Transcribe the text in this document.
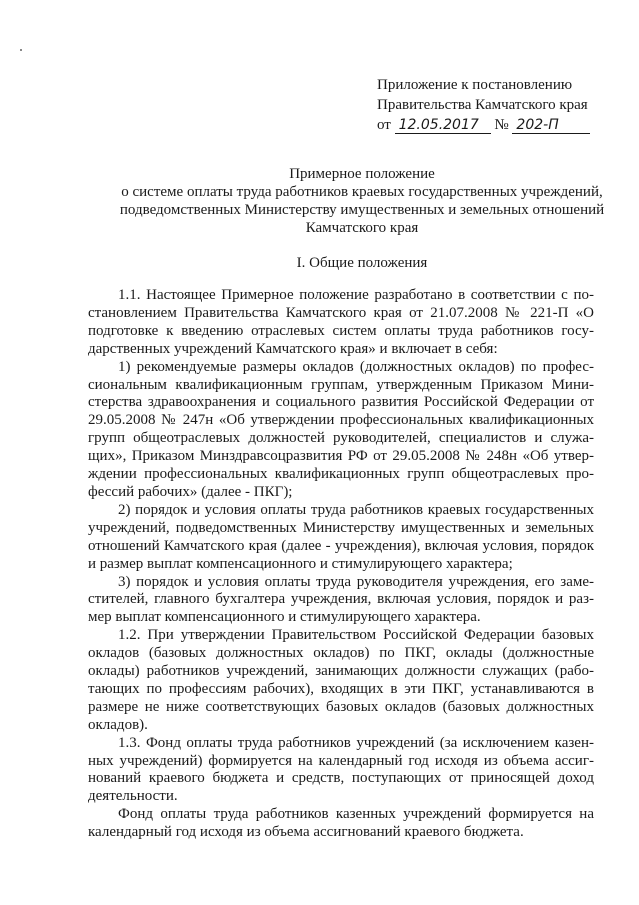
Приложение к постановлению
Правительства Камчатского края
от 12.05.2017 № 202-П
Примерное положение
о системе оплаты труда работников краевых государственных учреждений,
подведомственных Министерству имущественных и земельных отношений
Камчатского края
I. Общие положения

1.1. Настоящее Примерное положение разработано в соответствии с постановлением Правительства Камчатского края от 21.07.2008 № 221-П «О подготовке к введению отраслевых систем оплаты труда работников государственных учреждений Камчатского края» и включает в себя:

1) рекомендуемые размеры окладов (должностных окладов) по профессиональным квалификационным группам, утвержденным Приказом Министерства здравоохранения и социального развития Российской Федерации от 29.05.2008 № 247н «Об утверждении профессиональных квалификационных групп общеотраслевых должностей руководителей, специалистов и служащих», Приказом Минздравсоцразвития РФ от 29.05.2008 № 248н «Об утверждении профессиональных квалификационных групп общеотраслевых профессий рабочих» (далее - ПКГ);

2) порядок и условия оплаты труда работников краевых государственных учреждений, подведомственных Министерству имущественных и земельных отношений Камчатского края (далее - учреждения), включая условия, порядок и размер выплат компенсационного и стимулирующего характера;

3) порядок и условия оплаты труда руководителя учреждения, его заместителей, главного бухгалтера учреждения, включая условия, порядок и размер выплат компенсационного и стимулирующего характера.

1.2. При утверждении Правительством Российской Федерации базовых окладов (базовых должностных окладов) по ПКГ, оклады (должностные оклады) работников учреждений, занимающих должности служащих (работающих по профессиям рабочих), входящих в эти ПКГ, устанавливаются в размере не ниже соответствующих базовых окладов (базовых должностных окладов).

1.3. Фонд оплаты труда работников учреждений (за исключением казенных учреждений) формируется на календарный год исходя из объема ассигнований краевого бюджета и средств, поступающих от приносящей доход деятельности.

Фонд оплаты труда работников казенных учреждений формируется на календарный год исходя из объема ассигнований краевого бюджета.
